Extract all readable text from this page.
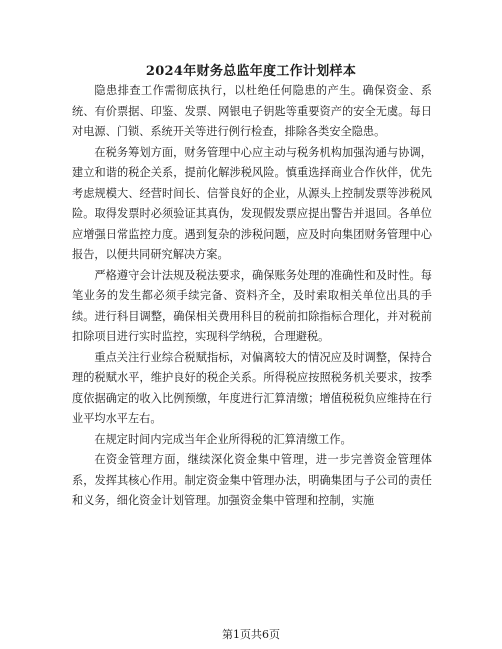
2024年财务总监年度工作计划样本

隐患排查工作需彻底执行，以杜绝任何隐患的产生。确保资金、系统、有价票据、印鉴、发票、网银电子钥匙等重要资产的安全无虞。每日对电源、门锁、系统开关等进行例行检查，排除各类安全隐患。

在税务筹划方面，财务管理中心应主动与税务机构加强沟通与协调，建立和谐的税企关系，提前化解涉税风险。慎重选择商业合作伙伴，优先考虑规模大、经营时间长、信誉良好的企业，从源头上控制发票等涉税风险。取得发票时必须验证其真伪，发现假发票应提出警告并退回。各单位应增强日常监控力度。遇到复杂的涉税问题，应及时向集团财务管理中心报告，以便共同研究解决方案。

严格遵守会计法规及税法要求，确保账务处理的准确性和及时性。每笔业务的发生都必须手续完备、资料齐全，及时索取相关单位出具的手续。进行科目调整，确保相关费用科目的税前扣除指标合理化，并对税前扣除项目进行实时监控，实现科学纳税，合理避税。

重点关注行业综合税赋指标，对偏离较大的情况应及时调整，保持合理的税赋水平，维护良好的税企关系。所得税应按照税务机关要求，按季度依据确定的收入比例预缴，年度进行汇算清缴；增值税税负应维持在行业平均水平左右。

在规定时间内完成当年企业所得税的汇算清缴工作。

在资金管理方面，继续深化资金集中管理，进一步完善资金管理体系，发挥其核心作用。制定资金集中管理办法，明确集团与子公司的责任和义务，细化资金计划管理。加强资金集中管理和控制，实施

第1页共6页
